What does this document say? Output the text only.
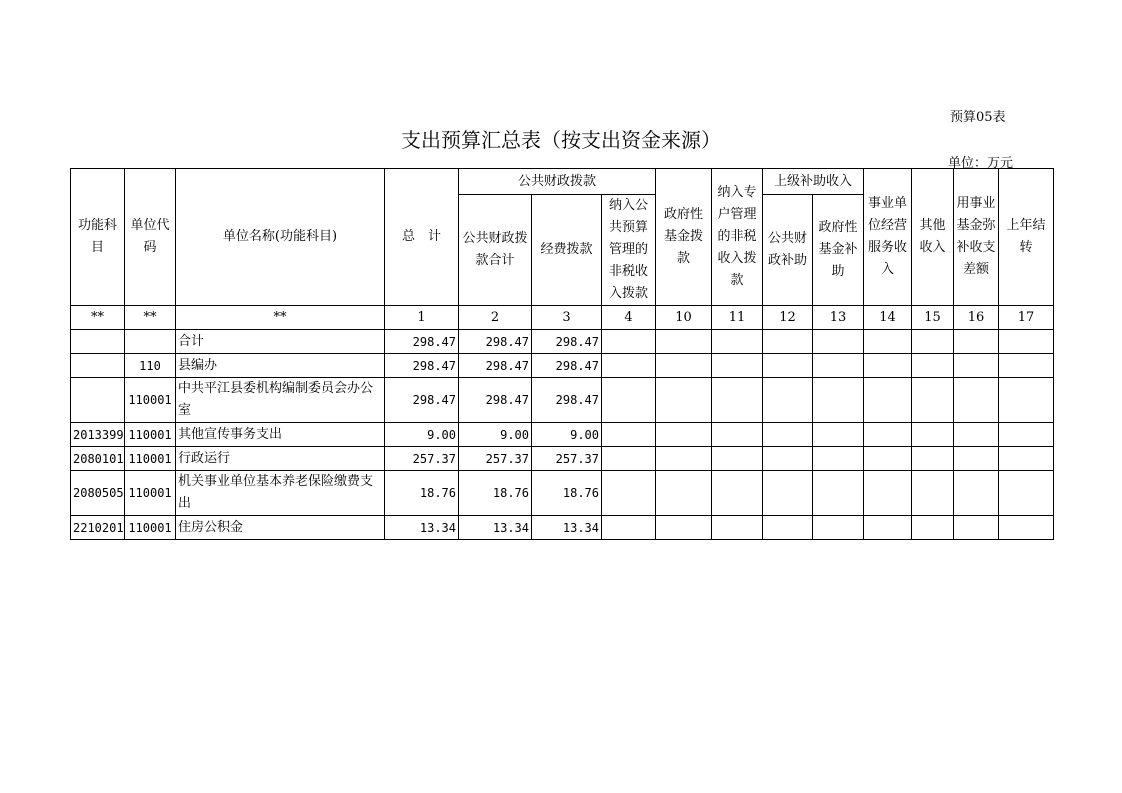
预算05表
支出预算汇总表（按支出资金来源）
单位：万元
功能科目	单位代码	单位名称(功能科目)	总　计	公共财政拨款			政府性基金拨款	纳入专户管理的非税收入拨款	上级补助收入		事业单位经营服务收入	其他收入	用事业基金弥补收支差额	上年结转
				公共财政拨款合计	经费拨款	纳入公共预算管理的非税收入拨款			公共财政补助	政府性基金补助				
**	**	**	1	2	3	4	10	11	12	13	14	15	16	17
		合计	298.47	298.47	298.47									
	110	县编办	298.47	298.47	298.47									
	110001	中共平江县委机构编制委员会办公室	298.47	298.47	298.47									
2013399	110001	其他宣传事务支出	9.00	9.00	9.00									
2080101	110001	行政运行	257.37	257.37	257.37									
2080505	110001	机关事业单位基本养老保险缴费支出	18.76	18.76	18.76									
2210201	110001	住房公积金	13.34	13.34	13.34									
